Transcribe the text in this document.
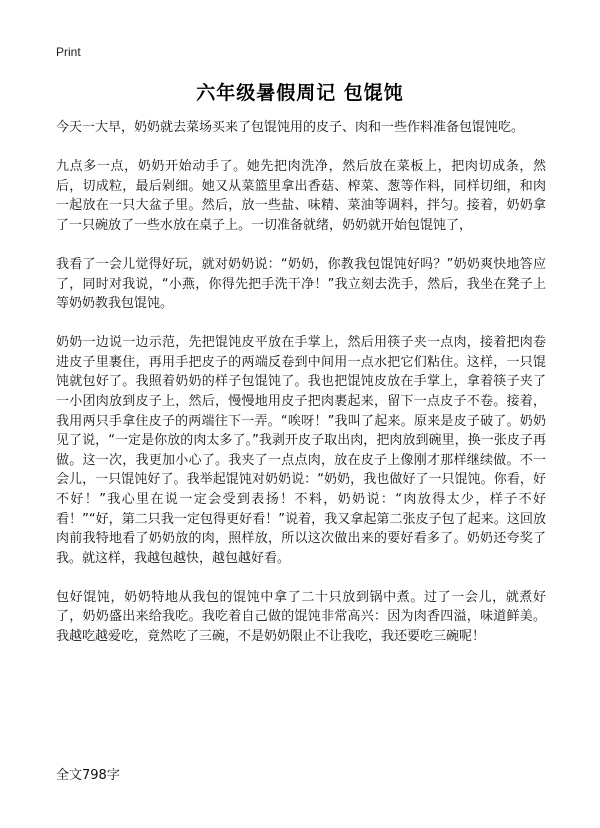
Print
六年级暑假周记 包馄饨

今天一大早，奶奶就去菜场买来了包馄饨用的皮子、肉和一些作料准备包馄饨吃。

九点多一点，奶奶开始动手了。她先把肉洗净，然后放在菜板上，把肉切成条，然后，切成粒，最后剁细。她又从菜篮里拿出香菇、榨菜、葱等作料，同样切细，和肉一起放在一只大盆子里。然后，放一些盐、味精、菜油等调料，拌匀。接着，奶奶拿了一只碗放了一些水放在桌子上。一切准备就绪，奶奶就开始包馄饨了，

我看了一会儿觉得好玩，就对奶奶说：“奶奶，你教我包馄饨好吗？”奶奶爽快地答应了，同时对我说，“小燕，你得先把手洗干净！”我立刻去洗手，然后，我坐在凳子上等奶奶教我包馄饨。

奶奶一边说一边示范，先把馄饨皮平放在手掌上，然后用筷子夹一点肉，接着把肉卷进皮子里裹住，再用手把皮子的两端反卷到中间用一点水把它们粘住。这样，一只馄饨就包好了。我照着奶奶的样子包馄饨了。我也把馄饨皮放在手掌上，拿着筷子夹了一小团肉放到皮子上，然后，慢慢地用皮子把肉裹起来，留下一点皮子不卷。接着，我用两只手拿住皮子的两端往下一弄。“唉呀！”我叫了起来。原来是皮子破了。奶奶见了说，“一定是你放的肉太多了。”我剥开皮子取出肉，把肉放到碗里，换一张皮子再做。这一次，我更加小心了。我夹了一点点肉，放在皮子上像刚才那样继续做。不一会儿，一只馄饨好了。我举起馄饨对奶奶说：“奶奶，我也做好了一只馄饨。你看，好不好！”我心里在说一定会受到表扬！不料，奶奶说：“肉放得太少，样子不好看！”“好，第二只我一定包得更好看！”说着，我又拿起第二张皮子包了起来。这回放肉前我特地看了奶奶放的肉，照样放，所以这次做出来的要好看多了。奶奶还夸奖了我。就这样，我越包越快，越包越好看。

包好馄饨，奶奶特地从我包的馄饨中拿了二十只放到锅中煮。过了一会儿，就煮好了，奶奶盛出来给我吃。我吃着自己做的馄饨非常高兴：因为肉香四溢，味道鲜美。我越吃越爱吃，竟然吃了三碗，不是奶奶限止不让我吃，我还要吃三碗呢！

全文798字
